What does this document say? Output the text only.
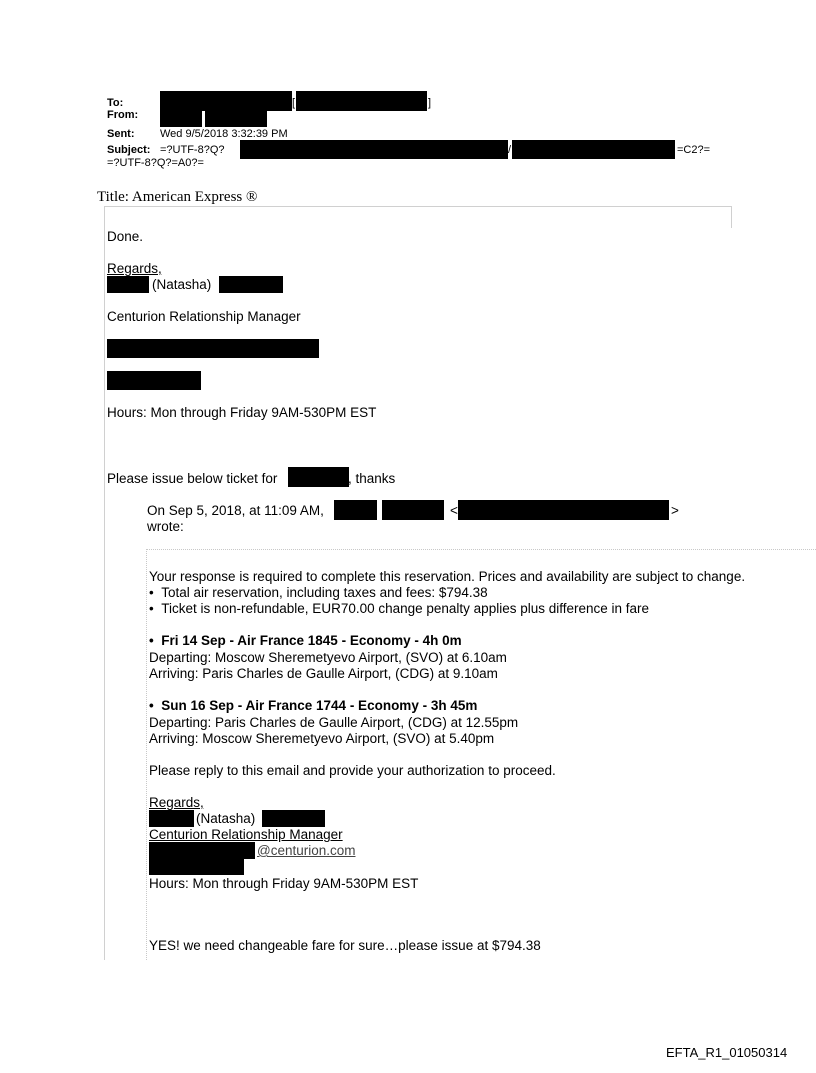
To:	[	]
From:
Sent: Wed 9/5/2018 3:32:39 PM
Subject: =?UTF-8?Q?	/	=C2?=
=?UTF-8?Q?=A0?=
Title: American Express ®
Done.
Regards,
(Natasha)
Centurion Relationship Manager
Hours: Mon through Friday 9AM-530PM EST
Please issue below ticket for	, thanks
On Sep 5, 2018, at 11:09 AM,	<	>
wrote:
Your response is required to complete this reservation. Prices and availability are subject to change.
•  Total air reservation, including taxes and fees: $794.38
•  Ticket is non-refundable, EUR70.00 change penalty applies plus difference in fare
•  Fri 14 Sep - Air France 1845 - Economy - 4h 0m
Departing: Moscow Sheremetyevo Airport, (SVO) at 6.10am
Arriving: Paris Charles de Gaulle Airport, (CDG) at 9.10am
•  Sun 16 Sep - Air France 1744 - Economy - 3h 45m
Departing: Paris Charles de Gaulle Airport, (CDG) at 12.55pm
Arriving: Moscow Sheremetyevo Airport, (SVO) at 5.40pm
Please reply to this email and provide your authorization to proceed.
Regards,
(Natasha)
Centurion Relationship Manager
@centurion.com
Hours: Mon through Friday 9AM-530PM EST
YES! we need changeable fare for sure…please issue at $794.38
EFTA_R1_01050314
